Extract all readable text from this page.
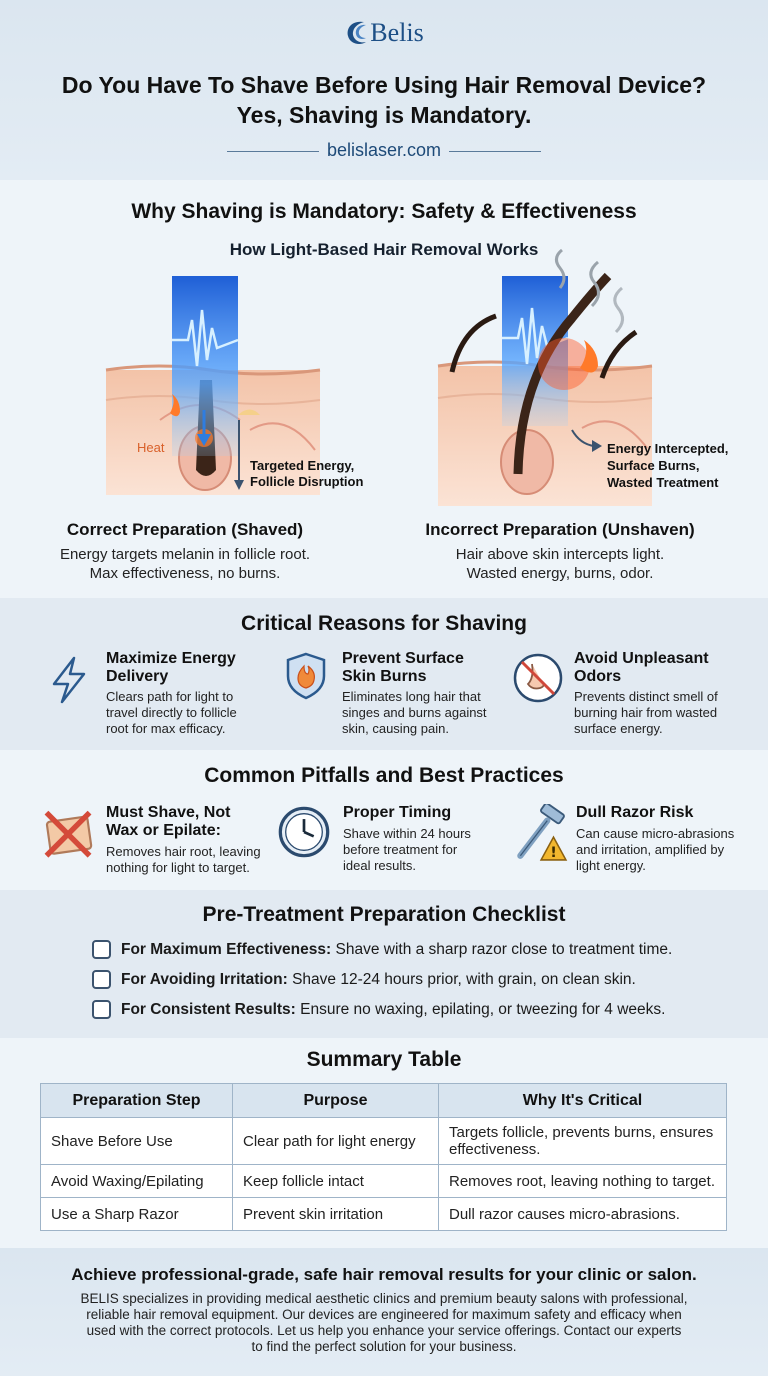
Belis
Do You Have To Shave Before Using Hair Removal Device?
Yes, Shaving is Mandatory.
belislaser.com
Why Shaving is Mandatory: Safety & Effectiveness
How Light-Based Hair Removal Works
Heat
Targeted Energy,
Follicle Disruption
Correct Preparation (Shaved)
Energy targets melanin in follicle root.
Max effectiveness, no burns.
Energy Intercepted,
Surface Burns,
Wasted Treatment
Incorrect Preparation (Unshaven)
Hair above skin intercepts light.
Wasted energy, burns, odor.
Critical Reasons for Shaving
Maximize Energy
Delivery
Clears path for light to
travel directly to follicle
root for max efficacy.
Prevent Surface
Skin Burns
Eliminates long hair that
singes and burns against
skin, causing pain.
Avoid Unpleasant
Odors
Prevents distinct smell of
burning hair from wasted
surface energy.
Common Pitfalls and Best Practices
Must Shave, Not
Wax or Epilate:
Removes hair root, leaving
nothing for light to target.
Proper Timing
Shave within 24 hours
before treatment for
ideal results.
!
Dull Razor Risk
Can cause micro-abrasions
and irritation, amplified by
light energy.
Pre-Treatment Preparation Checklist
For Maximum Effectiveness: Shave with a sharp razor close to treatment time.
For Avoiding Irritation: Shave 12-24 hours prior, with grain, on clean skin.
For Consistent Results: Ensure no waxing, epilating, or tweezing for 4 weeks.
Summary Table
Preparation Step	Purpose	Why It's Critical
Shave Before Use	Clear path for light energy	Targets follicle, prevents burns, ensures effectiveness.
Avoid Waxing/Epilating	Keep follicle intact	Removes root, leaving nothing to target.
Use a Sharp Razor	Prevent skin irritation	Dull razor causes micro-abrasions.
Achieve professional-grade, safe hair removal results for your clinic or salon.
BELIS specializes in providing medical aesthetic clinics and premium beauty salons with professional,
reliable hair removal equipment. Our devices are engineered for maximum safety and efficacy when
used with the correct protocols. Let us help you enhance your service offerings. Contact our experts
to find the perfect solution for your business.
